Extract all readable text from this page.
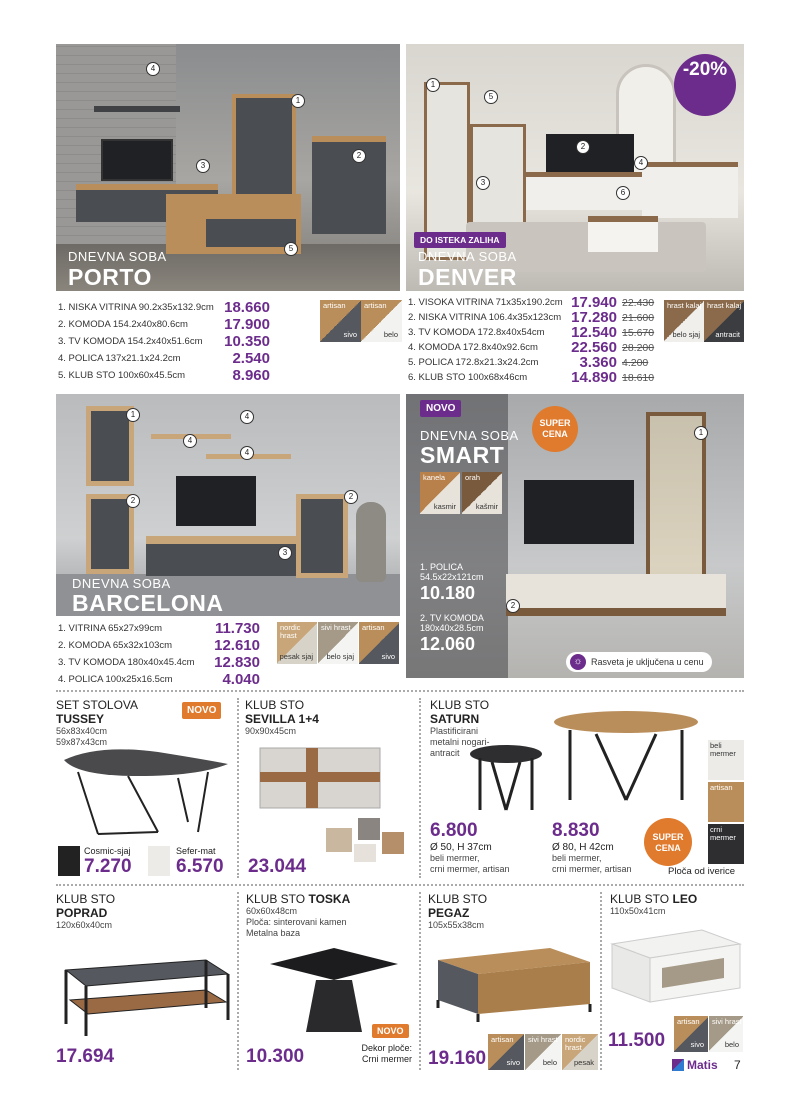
4
1
2
3
5
DNEVNA SOBA
PORTO
1. NISKA VITRINA 90.2x35x132.9cm 18.660
2. KOMODA 154.2x40x80.6cm	17.900
3. TV KOMODA 154.2x40x51.6cm	10.350
4. POLICA 137x21.1x24.2cm	2.540
5. KLUB STO 100x60x45.5cm	8.960
artisan
sivo
artisan
belo
1
5
2
4
3
6
-20%
DO ISTEKA ZALIHA
DNEVNA SOBA
DENVER
1. VISOKA VITRINA 71x35x190.2cm 17.940 22.430
2. NISKA VITRINA 106.4x35x123cm 17.280 21.600
3. TV KOMODA 172.8x40x54cm	12.540 15.670
4. KOMODA 172.8x40x92.6cm	22.560 28.200
5. POLICA 172.8x21.3x24.2cm	3.360 4.200
6. KLUB STO 100x68x46cm	14.890 18.610
hrast kalaj
belo sjaj
hrast kalaj
antracit
1	4
4
4
2	2
3
DNEVNA SOBA
BARCELONA
1. VITRINA 65x27x99cm	11.730
2. KOMODA 65x32x103cm	12.610
3. TV KOMODA 180x40x45.4cm	12.830
4. POLICA 100x25x16.5cm	4.040
nordic hrast
pesak sjaj
sivi hrast
belo sjaj
artisan
sivo
1
2
NOVO
SUPER CENA
DNEVNA SOBA
SMART
kanela
kasmir
orah
kašmir
1. POLICA
54.5x22x121cm
10.180
2. TV KOMODA
180x40x28.5cm
12.060
☼ Rasveta je uključena u cenu
SET STOLOVA
TUSSEY
56x83x40cm
59x87x43cm
NOVO
Cosmic-sjaj
7.270
Sefer-mat
6.570
KLUB STO
SEVILLA 1+4
90x90x45cm
23.044
KLUB STO
SATURN
Plastificirani
metalni nogari-
antracit
beli mermer
artisan
crni mermer
SUPER CENA
6.800
Ø 50, H 37cm
beli mermer,
crni mermer, artisan
8.830
Ø 80, H 42cm
beli mermer,
crni mermer, artisan	Ploča od iverice
KLUB STO
POPRAD
120x60x40cm
17.694
KLUB STO TOSKA
60x60x48cm
Ploča: sinterovani kamen
Metalna baza
10.300
NOVO
Dekor ploče:
Crni mermer
KLUB STO
PEGAZ
105x55x38cm
19.160
artisan
sivo
sivi hrast
belo
nordic hrast
pesak
KLUB STO LEO
110x50x41cm
11.500
artisan
sivo
sivi hrast
belo
Matis 7
